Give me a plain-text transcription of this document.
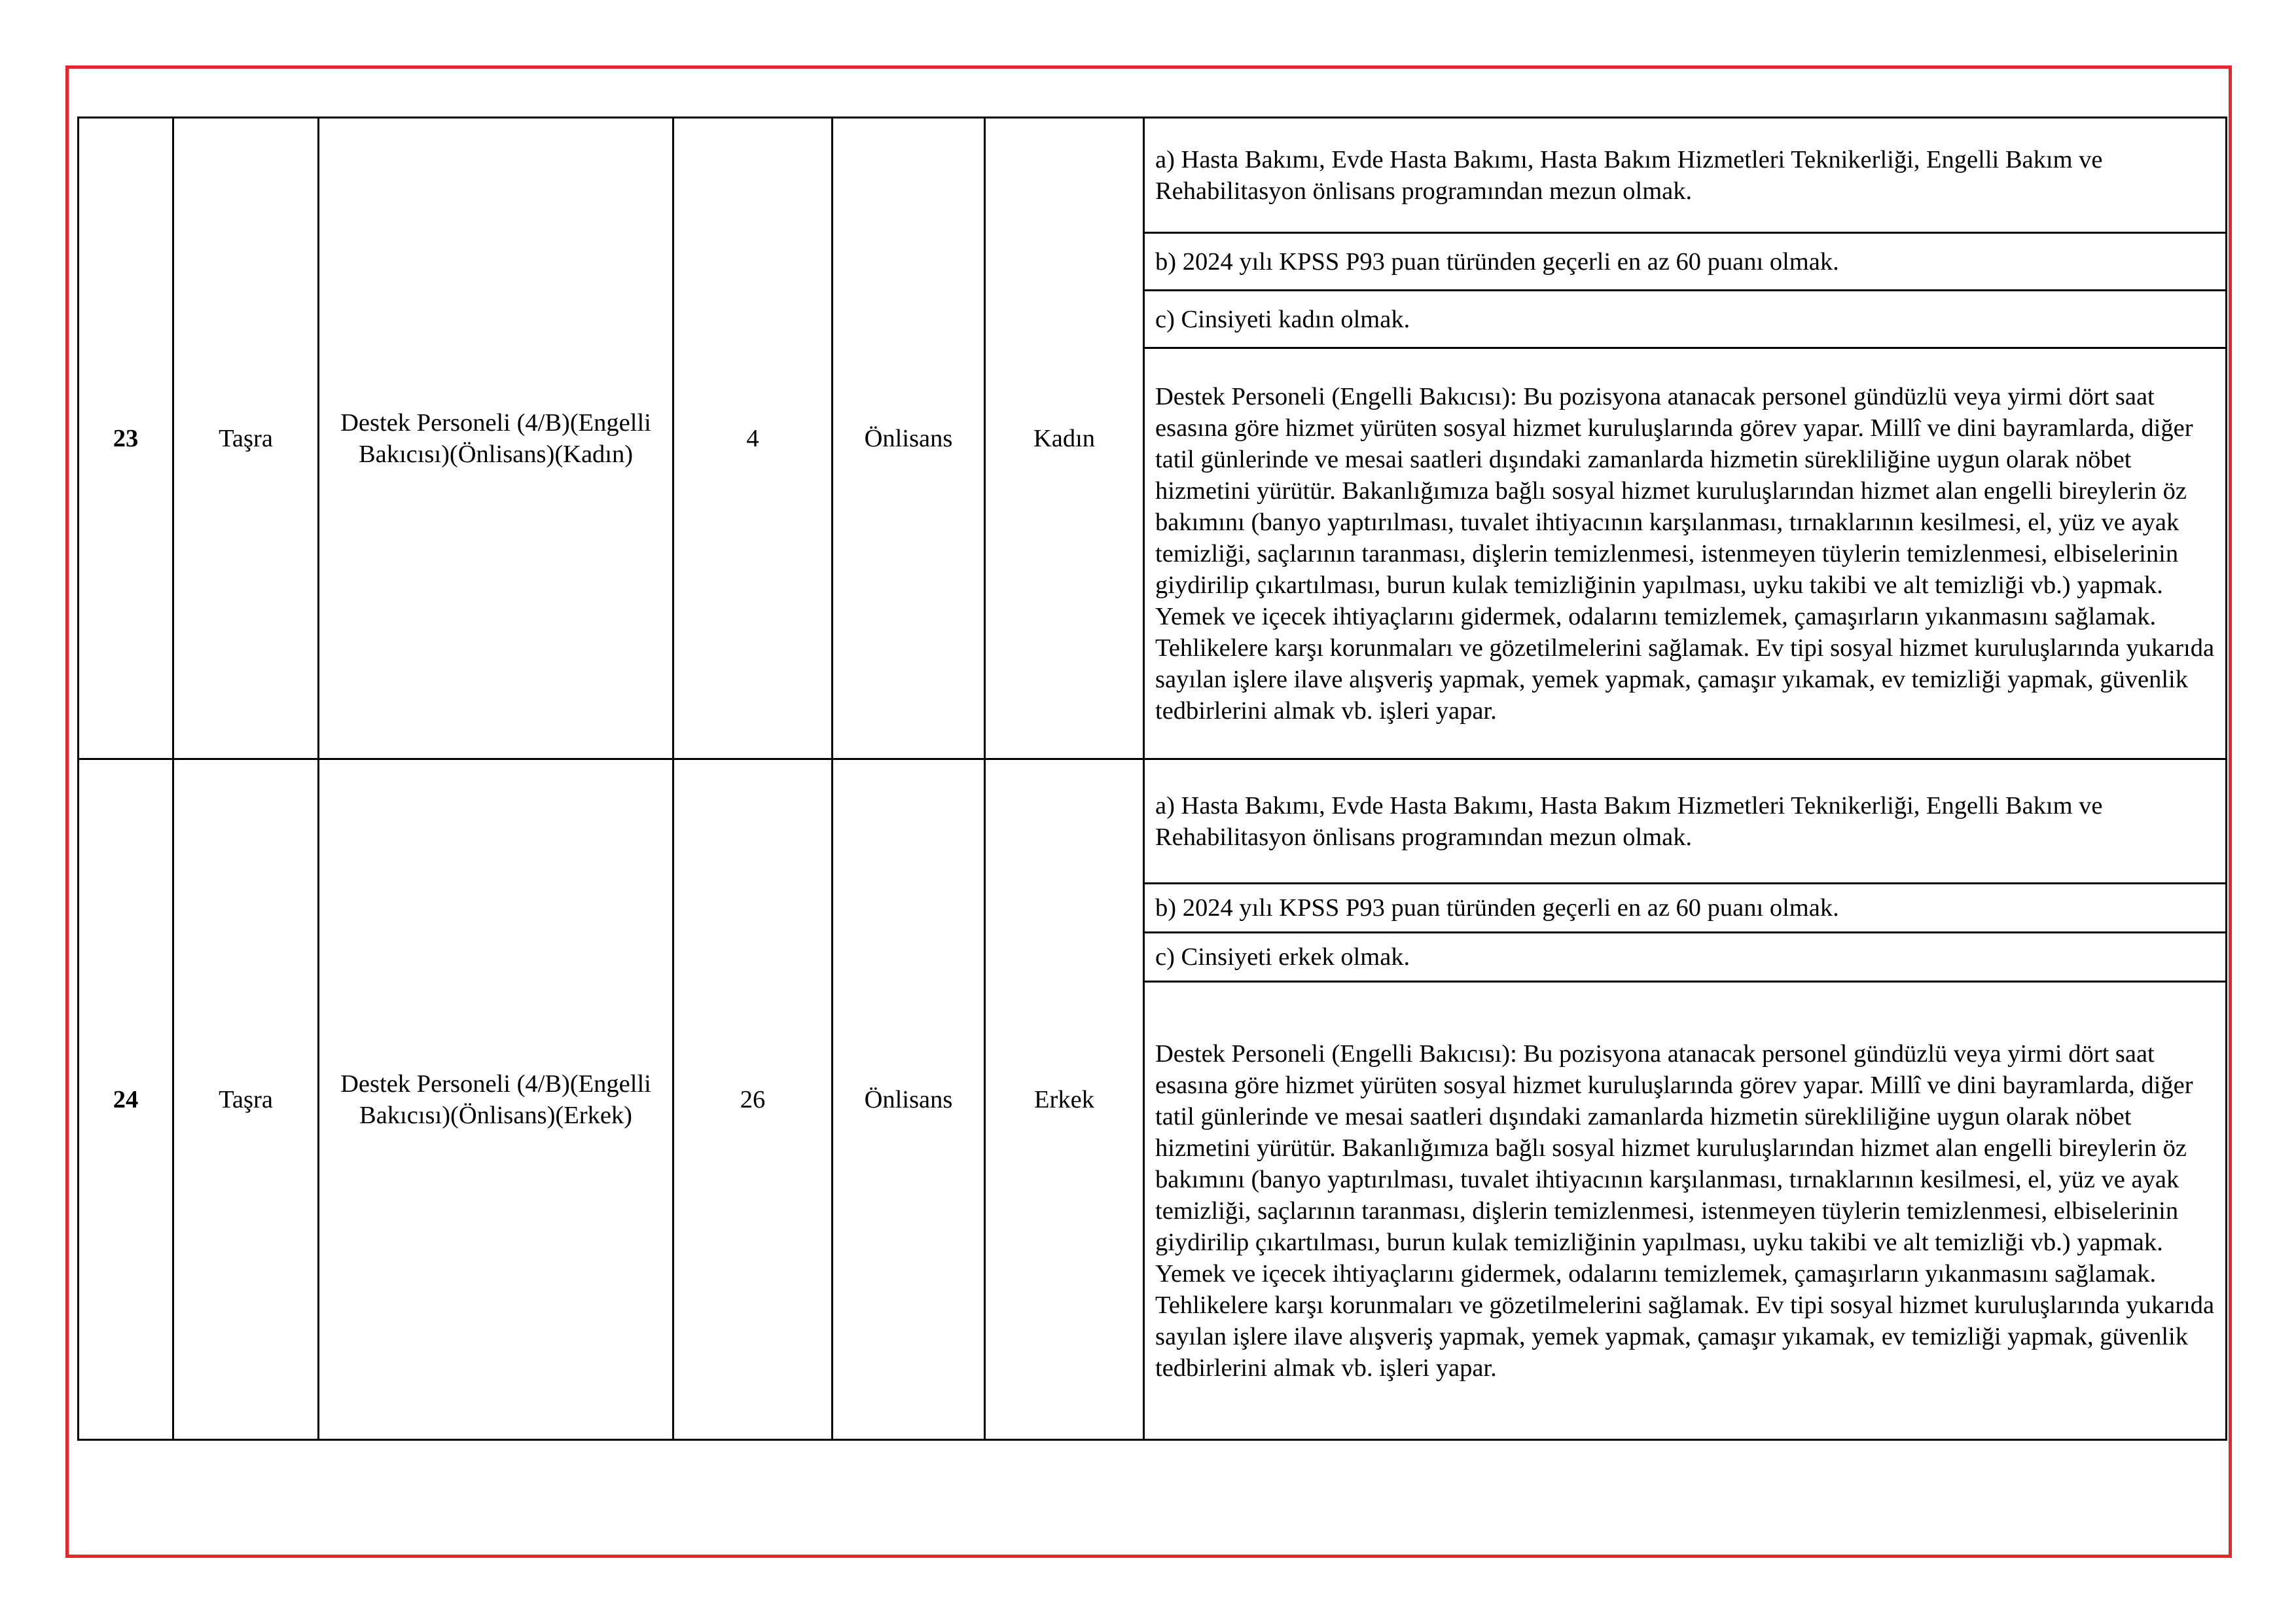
23	Taşra	Destek Personeli (4/B)(Engelli Bakıcısı)(Önlisans)(Kadın)	4	Önlisans	Kadın	a) Hasta Bakımı, Evde Hasta Bakımı, Hasta Bakım Hizmetleri Teknikerliği, Engelli Bakım ve Rehabilitasyon önlisans programından mezun olmak.
						b) 2024 yılı KPSS P93 puan türünden geçerli en az 60 puanı olmak.
						c) Cinsiyeti kadın olmak.
						Destek Personeli (Engelli Bakıcısı): Bu pozisyona atanacak personel gündüzlü veya yirmi dört saat esasına göre hizmet yürüten sosyal hizmet kuruluşlarında görev yapar. Millî ve dini bayramlarda, diğer tatil günlerinde ve mesai saatleri dışındaki zamanlarda hizmetin sürekliliğine uygun olarak nöbet hizmetini yürütür. Bakanlığımıza bağlı sosyal hizmet kuruluşlarından hizmet alan engelli bireylerin öz bakımını (banyo yaptırılması, tuvalet ihtiyacının karşılanması, tırnaklarının kesilmesi, el, yüz ve ayak temizliği, saçlarının taranması, dişlerin temizlenmesi, istenmeyen tüylerin temizlenmesi, elbiselerinin giydirilip çıkartılması, burun kulak temizliğinin yapılması, uyku takibi ve alt temizliği vb.) yapmak. Yemek ve içecek ihtiyaçlarını gidermek, odalarını temizlemek, çamaşırların yıkanmasını sağlamak. Tehlikelere karşı korunmaları ve gözetilmelerini sağlamak. Ev tipi sosyal hizmet kuruluşlarında yukarıda sayılan işlere ilave alışveriş yapmak, yemek yapmak, çamaşır yıkamak, ev temizliği yapmak, güvenlik tedbirlerini almak vb. işleri yapar.
24	Taşra	Destek Personeli (4/B)(Engelli Bakıcısı)(Önlisans)(Erkek)	26	Önlisans	Erkek	a) Hasta Bakımı, Evde Hasta Bakımı, Hasta Bakım Hizmetleri Teknikerliği, Engelli Bakım ve Rehabilitasyon önlisans programından mezun olmak.
						b) 2024 yılı KPSS P93 puan türünden geçerli en az 60 puanı olmak.
						c) Cinsiyeti erkek olmak.
						Destek Personeli (Engelli Bakıcısı): Bu pozisyona atanacak personel gündüzlü veya yirmi dört saat esasına göre hizmet yürüten sosyal hizmet kuruluşlarında görev yapar. Millî ve dini bayramlarda, diğer tatil günlerinde ve mesai saatleri dışındaki zamanlarda hizmetin sürekliliğine uygun olarak nöbet hizmetini yürütür. Bakanlığımıza bağlı sosyal hizmet kuruluşlarından hizmet alan engelli bireylerin öz bakımını (banyo yaptırılması, tuvalet ihtiyacının karşılanması, tırnaklarının kesilmesi, el, yüz ve ayak temizliği, saçlarının taranması, dişlerin temizlenmesi, istenmeyen tüylerin temizlenmesi, elbiselerinin giydirilip çıkartılması, burun kulak temizliğinin yapılması, uyku takibi ve alt temizliği vb.) yapmak. Yemek ve içecek ihtiyaçlarını gidermek, odalarını temizlemek, çamaşırların yıkanmasını sağlamak. Tehlikelere karşı korunmaları ve gözetilmelerini sağlamak. Ev tipi sosyal hizmet kuruluşlarında yukarıda sayılan işlere ilave alışveriş yapmak, yemek yapmak, çamaşır yıkamak, ev temizliği yapmak, güvenlik tedbirlerini almak vb. işleri yapar.
